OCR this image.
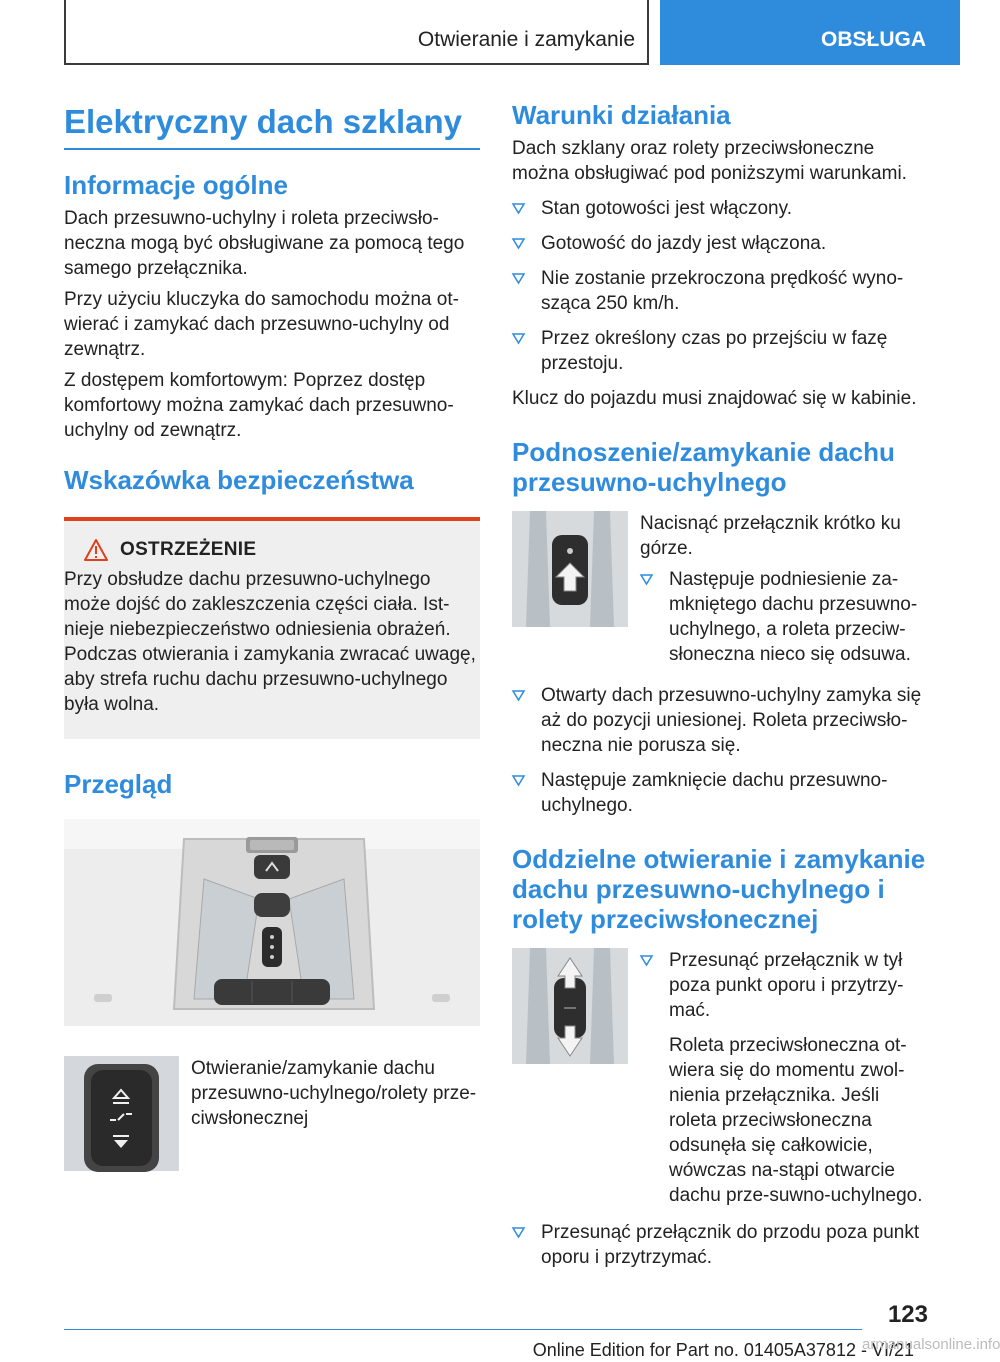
Otwieranie i zamykanie	OBSŁUGA
Elektryczny dach szklany
Informacje ogólne

Dach przesuwno-uchylny i roleta przeciwsło-neczna mogą być obsługiwane za pomocą tego samego przełącznika.

Przy użyciu kluczyka do samochodu można ot-wierać i zamykać dach przesuwno-uchylny od zewnątrz.

Z dostępem komfortowym: Poprzez dostęp komfortowy można zamykać dach przesuwno-uchylny od zewnątrz.

Wskazówka bezpieczeństwa
OSTRZEŻENIE

Przy obsłudze dachu przesuwno-uchylnego może dojść do zakleszczenia części ciała. Ist-nieje niebezpieczeństwo odniesienia obrażeń. Podczas otwierania i zamykania zwracać uwagę, aby strefa ruchu dachu przesuwno-uchylnego była wolna.

Przegląd

Otwieranie/zamykanie dachu przesuwno-uchylnego/rolety prze-ciwsłonecznej

Warunki działania

Dach szklany oraz rolety przeciwsłoneczne można obsługiwać pod poniższymi warunkami.

Stan gotowości jest włączony.
Gotowość do jazdy jest włączona.
Nie zostanie przekroczona prędkość wyno-sząca 250 km/h.
Przez określony czas po przejściu w fazę przestoju.

Klucz do pojazdu musi znajdować się w kabinie.

Podnoszenie/zamykanie dachu przesuwno-uchylnego

Nacisnąć przełącznik krótko ku górze.

Następuje podniesienie za-mkniętego dachu przesuwno-uchylnego, a roleta przeciw-słoneczna nieco się odsuwa.
Otwarty dach przesuwno-uchylny zamyka się aż do pozycji uniesionej. Roleta przeciwsło-neczna nie porusza się.
Następuje zamknięcie dachu przesuwno-uchylnego.
Oddzielne otwieranie i zamykanie dachu przesuwno-uchylnego i rolety przeciwsłonecznej
Przesunąć przełącznik w tył poza punkt oporu i przytrzy-mać.

Roleta przeciwsłoneczna ot-wiera się do momentu zwol-nienia przełącznika. Jeśli roleta przeciwsłoneczna odsunęła się całkowicie, wówczas na-stąpi otwarcie dachu prze-suwno-uchylnego.

Przesunąć przełącznik do przodu poza punkt oporu i przytrzymać.
123
Online Edition for Part no. 01405A37812 - VI/21
armanualsonline.info
